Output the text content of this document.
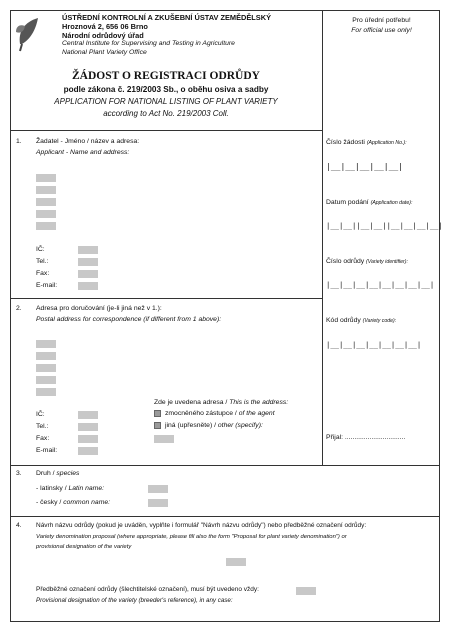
ÚSTŘEDNÍ KONTROLNÍ A ZKUŠEBNÍ ÚSTAV ZEMĚDĚLSKÝ
Hroznová 2, 656 06 Brno
Národní odrůdový úřad
Central Institute for Supervising and Testing in Agriculture
National Plant Variety Office
ŽÁDOST O REGISTRACI ODRŮDY
podle zákona č. 219/2003 Sb., o oběhu osiva a sadby
APPLICATION FOR NATIONAL LISTING OF PLANT VARIETY
according to Act No. 219/2003 Coll.
Pro úřední potřebu!
For official use only!
Číslo žádosti (Application No.):
|__|__|__|__|__|
Datum podání (Application date):
|__|__||__|__||__|__|__|__|
Číslo odrůdy (Variety identifier):
|__|__|__|__|__|__|__|__|
Kód odrůdy (Variety code):
|__|__|__|__|__|__|__|
Přijal: ................................
1. Žadatel - Jméno / název a adresa:
Applicant - Name and address:
IČ:
Tel.:
Fax:
E-mail:
2. Adresa pro doručování (je-li jiná než v 1.):
Postal address for correspondence (if different from 1 above):
Zde je uvedena adresa / This is the address:
zmocněného zástupce / of the agent
jiná (upřesněte) / other (specify):
IČ:
Tel.:
Fax:
E-mail:
3. Druh / species
- latinsky / Latin name:
- česky / common name:
4. Návrh názvu odrůdy (pokud je uváděn, vyplňte i formulář "Návrh názvu odrůdy") nebo předběžné označení odrůdy:
Variety denomination proposal (where appropriate, please fill also the form "Proposal for plant variety denomination") or
provisional designation of the variety
Předběžné označení odrůdy (šlechtitelské označení), musí být uvedeno vždy:
Provisional designation of the variety (breeder's reference), in any case:
